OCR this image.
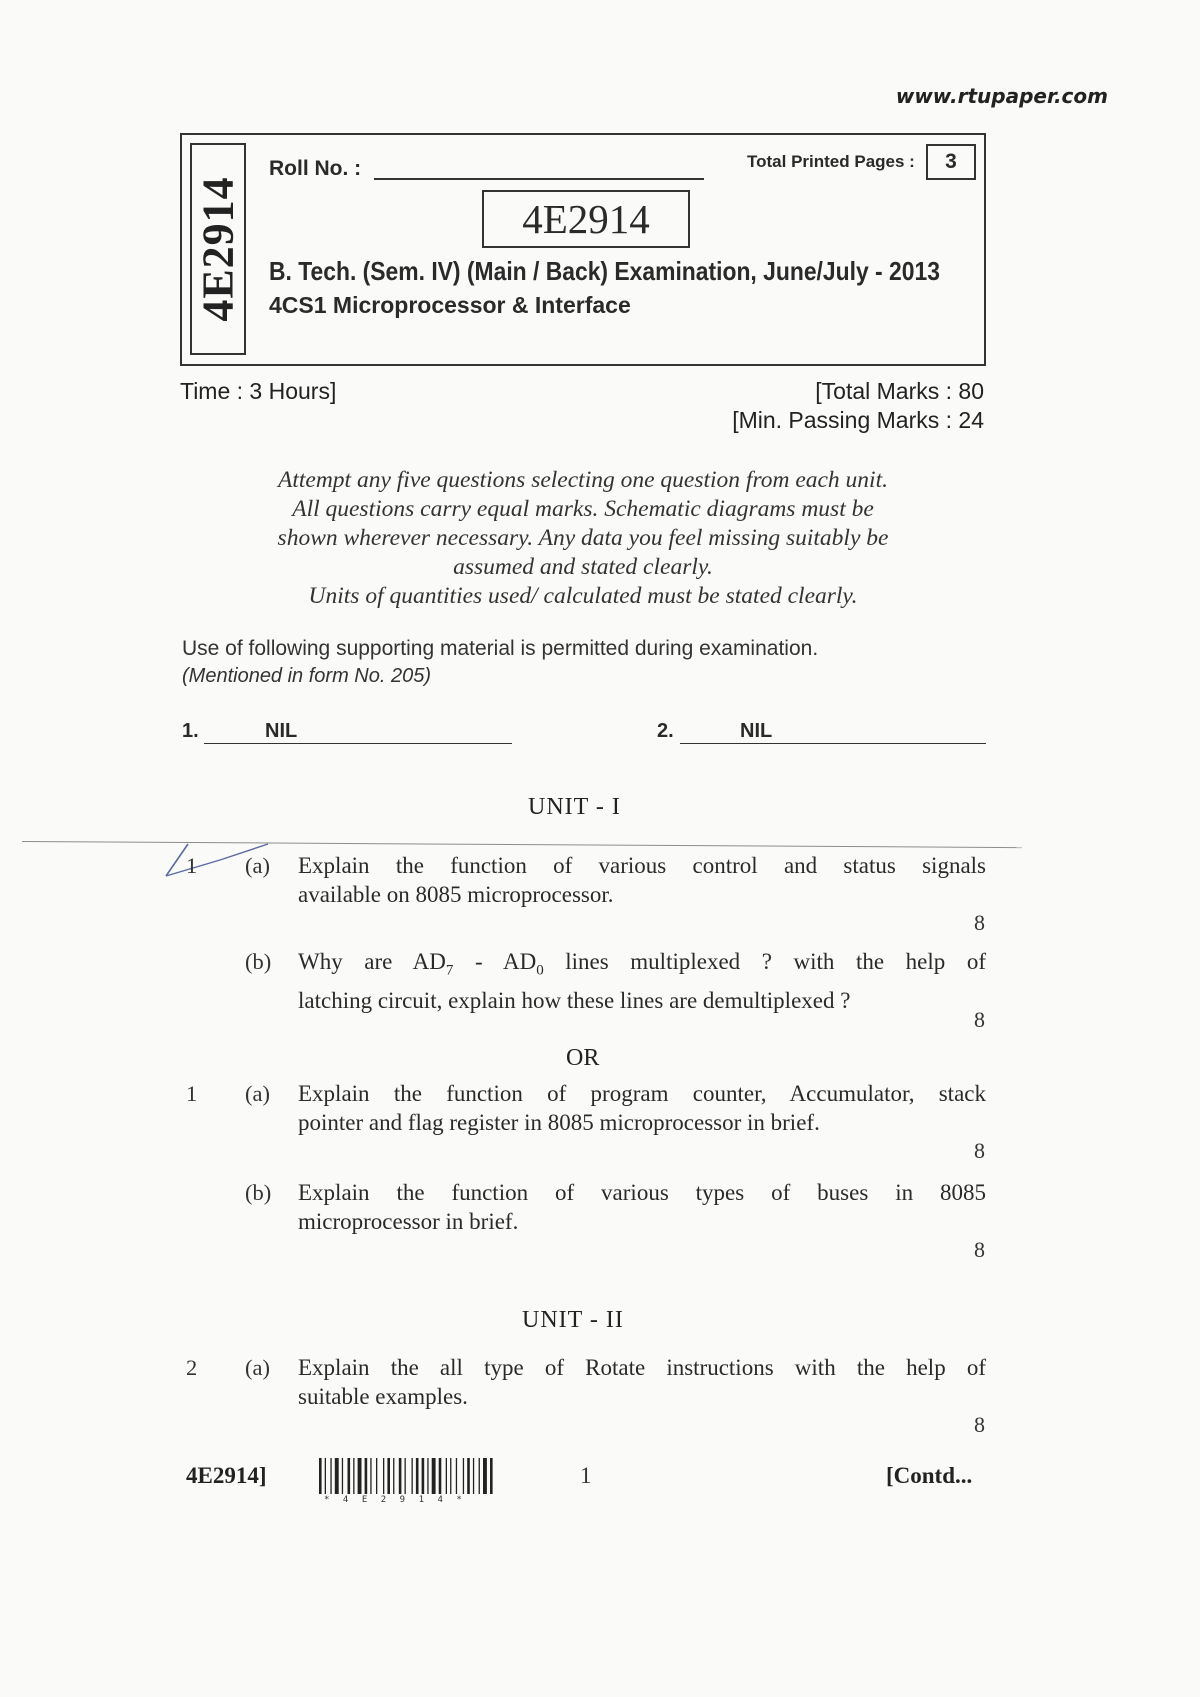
www.rtupaper.com
4E2914
Roll No. :	Total Printed Pages :	3
4E2914
B. Tech. (Sem. IV) (Main / Back) Examination, June/July - 2013
4CS1 Microprocessor & Interface
Time : 3 Hours]	[Total Marks : 80
[Min. Passing Marks : 24
Attempt any five questions selecting one question from each unit.
All questions carry equal marks. Schematic diagrams must be
shown wherever necessary. Any data you feel missing suitably be
assumed and stated clearly.
Units of quantities used/ calculated must be stated clearly.
Use of following supporting material is permitted during examination.
(Mentioned in form No. 205)
1.	NIL	2.	NIL
UNIT - I
1 (a) Explain the function of various control and status signals
available on 8085 microprocessor.
8
(b) Why are $AD_7 - AD_0$ lines multiplexed ? with the help of
latching circuit, explain how these lines are demultiplexed ?
8
OR
1 (a) Explain the function of program counter, Accumulator, stack
pointer and flag register in 8085 microprocessor in brief.
8
(b) Explain the function of various types of buses in 8085
microprocessor in brief.
8
UNIT - II
2 (a) Explain the all type of Rotate instructions with the help of
suitable examples.
8
4E2914]
*4E2914*
1	[Contd...
